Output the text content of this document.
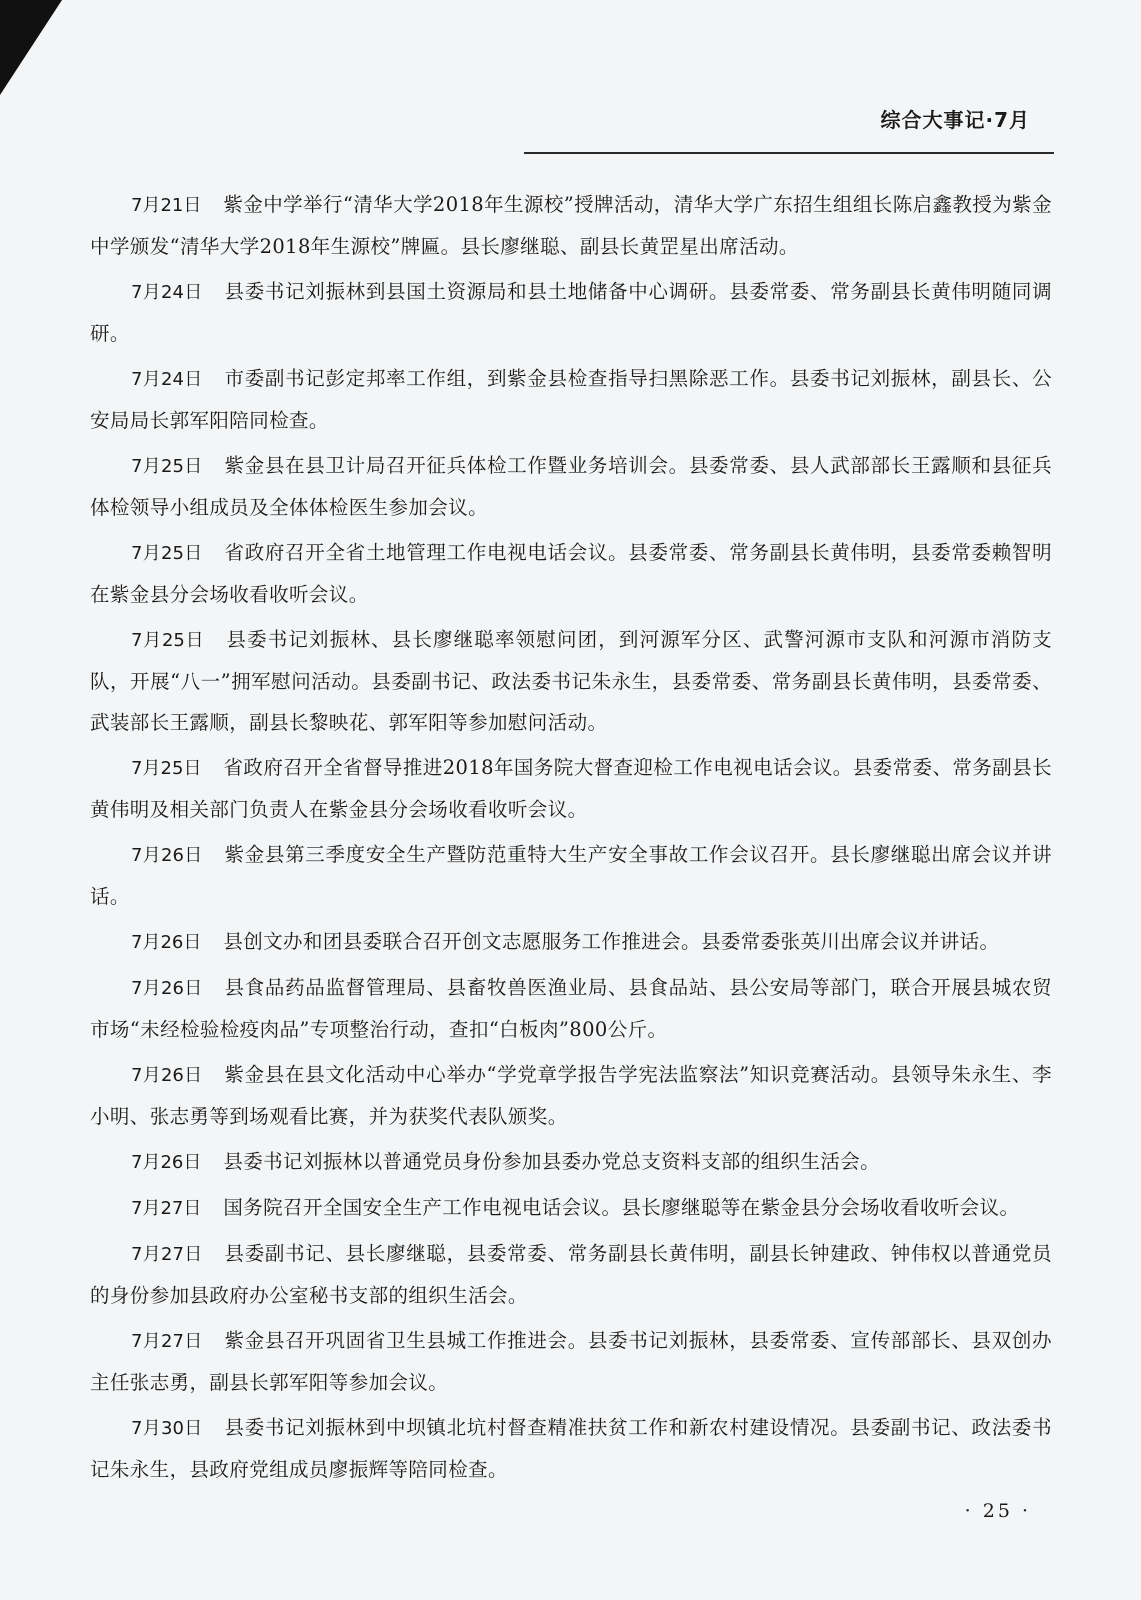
综合大事记·7月

7月21日 紫金中学举行“清华大学2018年生源校”授牌活动，清华大学广东招生组组长陈启鑫教授为紫金中学颁发“清华大学2018年生源校”牌匾。县长廖继聪、副县长黄罡星出席活动。

7月24日 县委书记刘振林到县国土资源局和县土地储备中心调研。县委常委、常务副县长黄伟明随同调研。

7月24日 市委副书记彭定邦率工作组，到紫金县检查指导扫黑除恶工作。县委书记刘振林，副县长、公安局局长郭军阳陪同检查。

7月25日 紫金县在县卫计局召开征兵体检工作暨业务培训会。县委常委、县人武部部长王露顺和县征兵体检领导小组成员及全体体检医生参加会议。

7月25日 省政府召开全省土地管理工作电视电话会议。县委常委、常务副县长黄伟明，县委常委赖智明在紫金县分会场收看收听会议。

7月25日 县委书记刘振林、县长廖继聪率领慰问团，到河源军分区、武警河源市支队和河源市消防支队，开展“八一”拥军慰问活动。县委副书记、政法委书记朱永生，县委常委、常务副县长黄伟明，县委常委、武装部长王露顺，副县长黎映花、郭军阳等参加慰问活动。

7月25日 省政府召开全省督导推进2018年国务院大督查迎检工作电视电话会议。县委常委、常务副县长黄伟明及相关部门负责人在紫金县分会场收看收听会议。

7月26日 紫金县第三季度安全生产暨防范重特大生产安全事故工作会议召开。县长廖继聪出席会议并讲话。

7月26日 县创文办和团县委联合召开创文志愿服务工作推进会。县委常委张英川出席会议并讲话。

7月26日 县食品药品监督管理局、县畜牧兽医渔业局、县食品站、县公安局等部门，联合开展县城农贸市场“未经检验检疫肉品”专项整治行动，查扣“白板肉”800公斤。

7月26日 紫金县在县文化活动中心举办“学党章学报告学宪法监察法”知识竞赛活动。县领导朱永生、李小明、张志勇等到场观看比赛，并为获奖代表队颁奖。

7月26日 县委书记刘振林以普通党员身份参加县委办党总支资料支部的组织生活会。

7月27日 国务院召开全国安全生产工作电视电话会议。县长廖继聪等在紫金县分会场收看收听会议。

7月27日 县委副书记、县长廖继聪，县委常委、常务副县长黄伟明，副县长钟建政、钟伟权以普通党员的身份参加县政府办公室秘书支部的组织生活会。

7月27日 紫金县召开巩固省卫生县城工作推进会。县委书记刘振林，县委常委、宣传部部长、县双创办主任张志勇，副县长郭军阳等参加会议。

7月30日 县委书记刘振林到中坝镇北坑村督查精准扶贫工作和新农村建设情况。县委副书记、政法委书记朱永生，县政府党组成员廖振辉等陪同检查。

· 25 ·
